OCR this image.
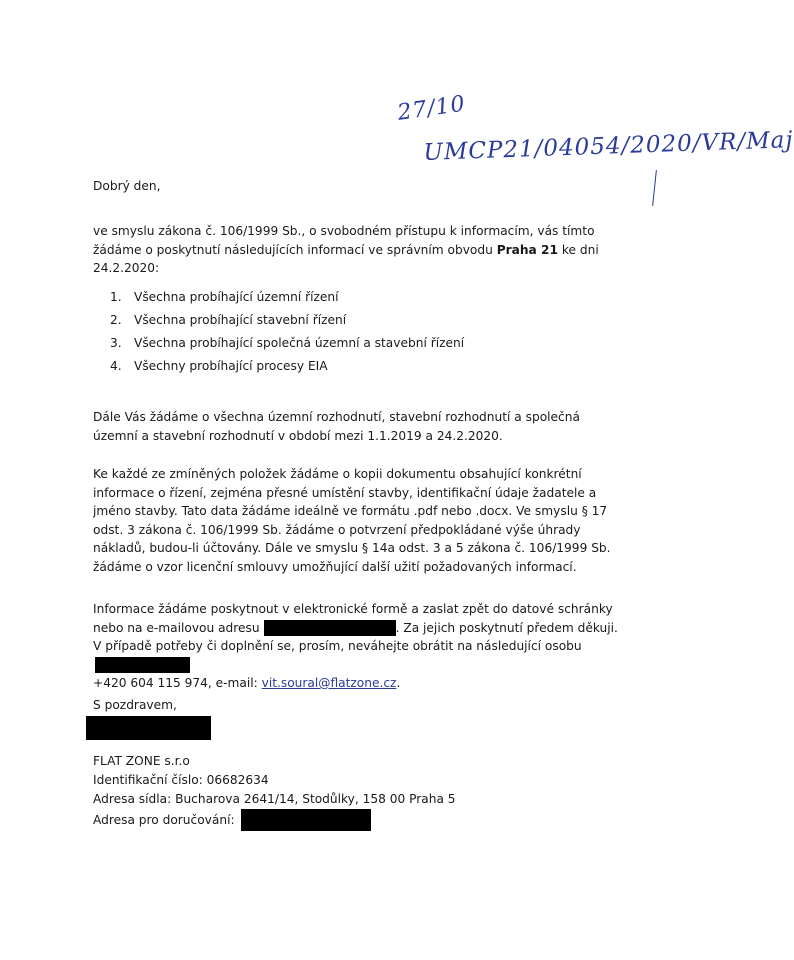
27/10
UMCP21/04054/2020/VR/Maj

Dobrý den,

ve smyslu zákona č. 106/1999 Sb., o svobodném přístupu k informacím, vás tímto žádáme o poskytnutí následujících informací ve správním obvodu Praha 21 ke dni 24.2.2020:

1.	Všechna probíhající územní řízení
2.	Všechna probíhající stavební řízení
3.	Všechna probíhající společná územní a stavební řízení
4.	Všechny probíhající procesy EIA

Dále Vás žádáme o všechna územní rozhodnutí, stavební rozhodnutí a společná územní a stavební rozhodnutí v období mezi 1.1.2019 a 24.2.2020.

Ke každé ze zmíněných položek žádáme o kopii dokumentu obsahující konkrétní informace o řízení, zejména přesné umístění stavby, identifikační údaje žadatele a jméno stavby. Tato data žádáme ideálně ve formátu .pdf nebo .docx. Ve smyslu § 17 odst. 3 zákona č. 106/1999 Sb. žádáme o potvrzení předpokládané výše úhrady nákladů, budou-li účtovány. Dále ve smyslu § 14a odst. 3 a 5 zákona č. 106/1999 Sb. žádáme o vzor licenční smlouvy umožňující další užití požadovaných informací.

Informace žádáme poskytnout v elektronické formě a zaslat zpět do datové schránky nebo na e-mailovou adresu	. Za jejich poskytnutí předem děkuji. V případě potřeby či doplnění se, prosím, neváhejte obrátit na následující osobu
+420 604 115 974, e-mail: vit.soural@flatzone.cz.

S pozdravem,

FLAT ZONE s.r.o
Identifikační číslo: 06682634
Adresa sídla: Bucharova 2641/14, Stodůlky, 158 00 Praha 5
Adresa pro doručování:
